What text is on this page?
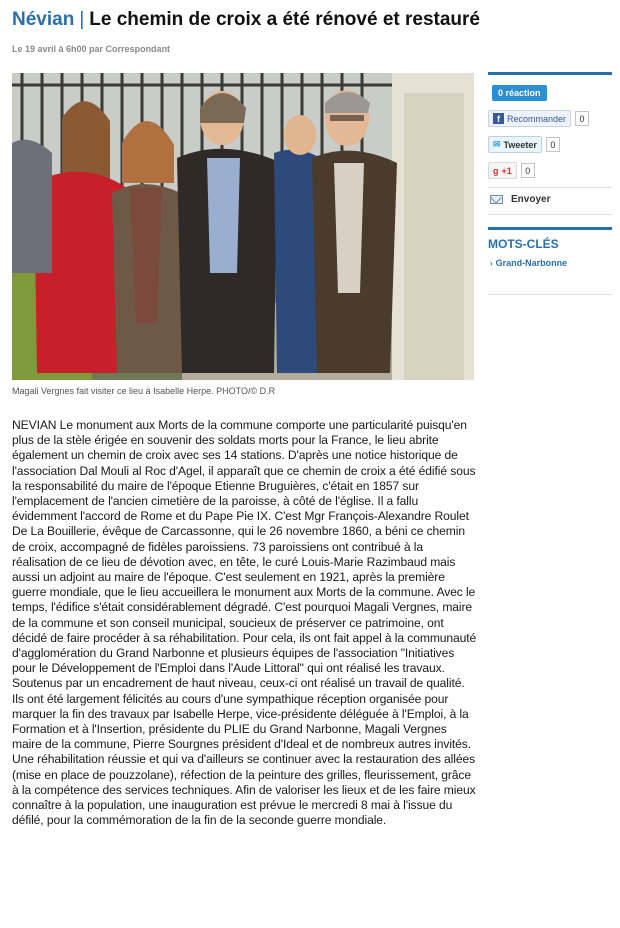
Névian | Le chemin de croix a été rénové et restauré
Le 19 avril à 6h00 par Correspondant
Magali Vergnes fait visiter ce lieu à Isabelle Herpe. PHOTO/© D.R
NEVIAN Le monument aux Morts de la commune comporte une particularité puisqu'en plus de la stèle érigée en souvenir des soldats morts pour la France, le lieu abrite également un chemin de croix avec ses 14 stations. D'après une notice historique de l'association Dal Mouli al Roc d'Agel, il apparaît que ce chemin de croix a été édifié sous la responsabilité du maire de l'époque Etienne Bruguières, c'était en 1857 sur l'emplacement de l'ancien cimetière de la paroisse, à côté de l'église. Il a fallu évidemment l'accord de Rome et du Pape Pie IX. C'est Mgr François-Alexandre Roulet De La Bouillerie, évêque de Carcassonne, qui le 26 novembre 1860, a béni ce chemin de croix, accompagné de fidèles paroissiens. 73 paroissiens ont contribué à la réalisation de ce lieu de dévotion avec, en tête, le curé Louis-Marie Razimbaud mais aussi un adjoint au maire de l'époque. C'est seulement en 1921, après la première guerre mondiale, que le lieu accueillera le monument aux Morts de la commune. Avec le temps, l'édifice s'était considérablement dégradé. C'est pourquoi Magali Vergnes, maire de la commune et son conseil municipal, soucieux de préserver ce patrimoine, ont décidé de faire procéder à sa réhabilitation. Pour cela, ils ont fait appel à la communauté d'agglomération du Grand Narbonne et plusieurs équipes de l'association "Initiatives pour le Développement de l'Emploi dans l'Aude Littoral" qui ont réalisé les travaux. Soutenus par un encadrement de haut niveau, ceux-ci ont réalisé un travail de qualité. Ils ont été largement félicités au cours d'une sympathique réception organisée pour marquer la fin des travaux par Isabelle Herpe, vice-présidente déléguée à l'Emploi, à la Formation et à l'Insertion, présidente du PLIE du Grand Narbonne, Magali Vergnes maire de la commune, Pierre Sourgnes président d'Ideal et de nombreux autres invités. Une réhabilitation réussie et qui va d'ailleurs se continuer avec la restauration des allées (mise en place de pouzzolane), réfection de la peinture des grilles, fleurissement, grâce à la compétence des services techniques. Afin de valoriser les lieux et de les faire mieux connaître à la population, une inauguration est prévue le mercredi 8 mai à l'issue du défilé, pour la commémoration de la fin de la seconde guerre mondiale.
0 réaction
f Recommander	0
✉ Tweeter	0
g +1	0
Envoyer
MOTS-CLÉS
› Grand-Narbonne
